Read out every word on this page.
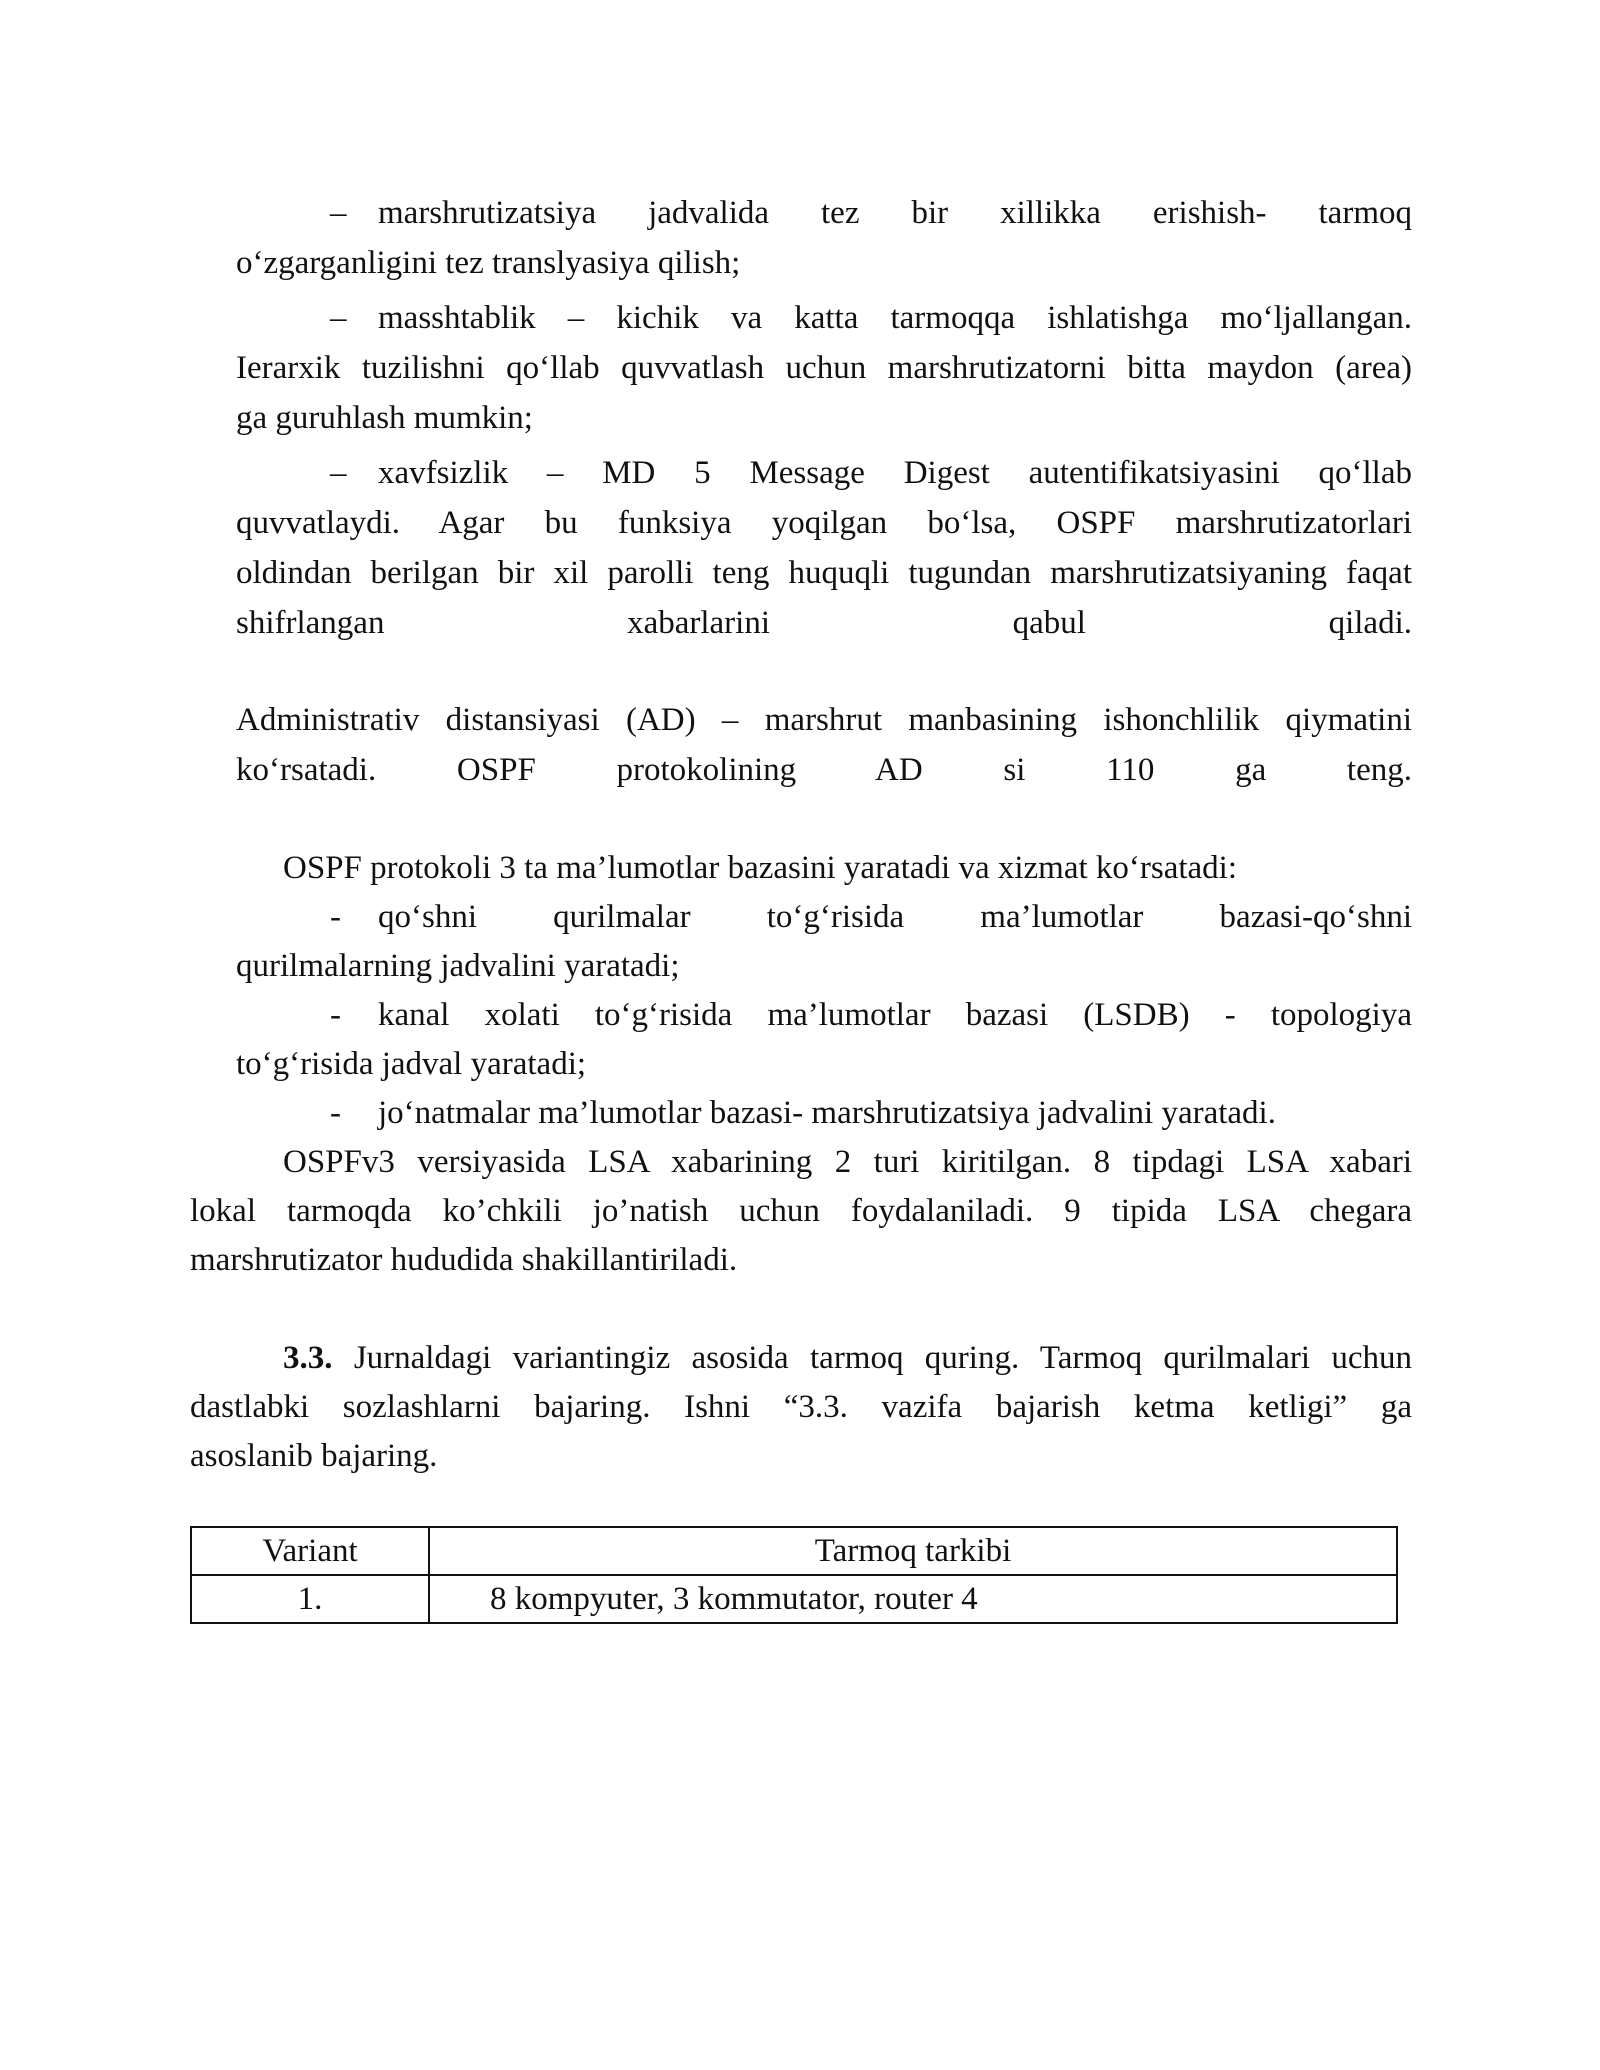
– marshrutizatsiya jadvalida tez bir xillikka erishish- tarmoq

o‘zgarganligini tez translyasiya qilish;

– masshtablik – kichik va katta tarmoqqa ishlatishga mo‘ljallangan.

Ierarxik tuzilishni qo‘llab quvvatlash uchun marshrutizatorni bitta maydon (area)

ga guruhlash mumkin;

– xavfsizlik – MD 5 Message Digest autentifikatsiyasini qo‘llab

quvvatlaydi. Agar bu funksiya yoqilgan bo‘lsa, OSPF marshrutizatorlari

oldindan berilgan bir xil parolli teng huquqli tugundan marshrutizatsiyaning faqat

shifrlangan xabarlarini qabul qiladi.

Administrativ distansiyasi (AD) – marshrut manbasining ishonchlilik qiymatini

ko‘rsatadi. OSPF protokolining AD si 110 ga teng.

OSPF protokoli 3 ta ma’lumotlar bazasini yaratadi va xizmat ko‘rsatadi:

- qo‘shni qurilmalar to‘g‘risida ma’lumotlar bazasi-qo‘shni

qurilmalarning jadvalini yaratadi;

- kanal xolati to‘g‘risida ma’lumotlar bazasi (LSDB) - topologiya

to‘g‘risida jadval yaratadi;

- jo‘natmalar ma’lumotlar bazasi- marshrutizatsiya jadvalini yaratadi.

OSPFv3 versiyasida LSA xabarining 2 turi kiritilgan. 8 tipdagi LSA xabari

lokal tarmoqda ko’chkili jo’natish uchun foydalaniladi. 9 tipida LSA chegara

marshrutizator hududida shakillantiriladi.

3.3. Jurnaldagi variantingiz asosida tarmoq quring. Tarmoq qurilmalari uchun

dastlabki sozlashlarni bajaring. Ishni “3.3. vazifa bajarish ketma ketligi” ga

asoslanib bajaring.

Variant	Tarmoq tarkibi
1.	8 kompyuter, 3 kommutator, router 4
